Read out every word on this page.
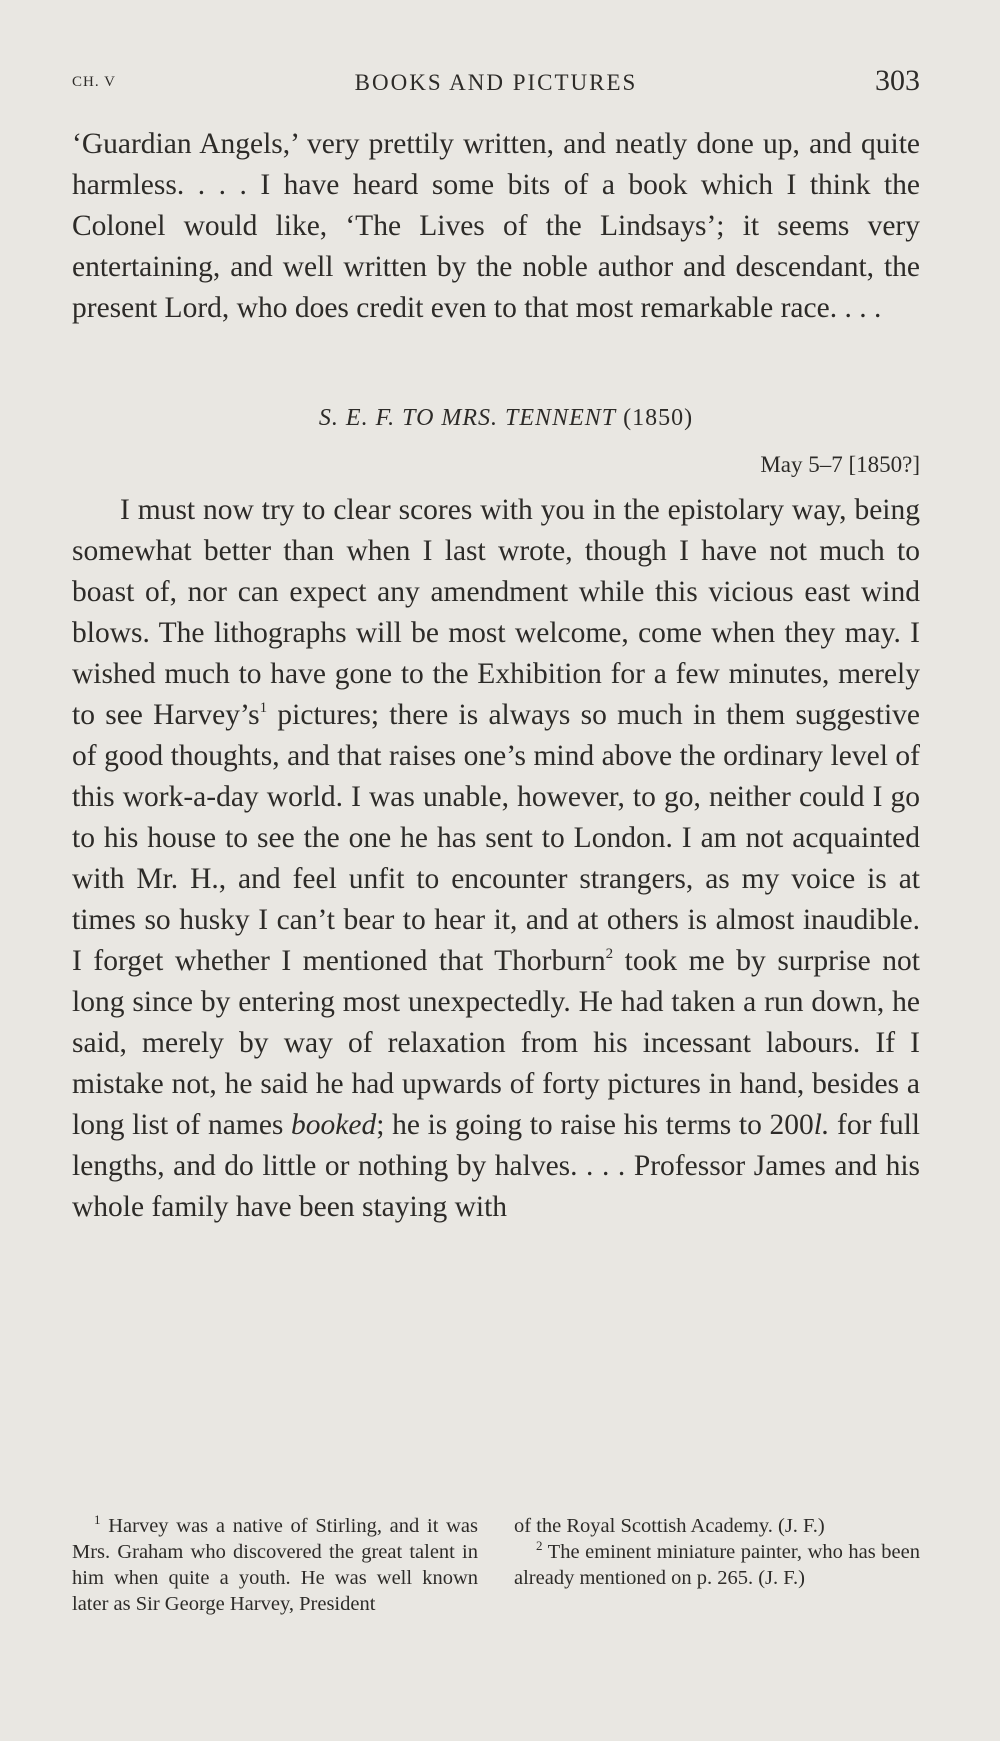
CH. V	BOOKS AND PICTURES	303

‘Guardian Angels,’ very prettily written, and neatly done up, and quite harmless. . . . I have heard some bits of a book which I think the Colonel would like, ‘The Lives of the Lindsays’; it seems very entertaining, and well written by the noble author and descendant, the present Lord, who does credit even to that most remarkable race. . . .

S. E. F. TO MRS. TENNENT (1850)
May 5–7 [1850?]

I must now try to clear scores with you in the epistolary way, being somewhat better than when I last wrote, though I have not much to boast of, nor can expect any amendment while this vicious east wind blows. The lithographs will be most welcome, come when they may. I wished much to have gone to the Exhibition for a few minutes, merely to see $Harvey’s^1$ pictures; there is always so much in them suggestive of good thoughts, and that raises one’s mind above the ordinary level of this work-a-day world. I was unable, however, to go, neither could I go to his house to see the one he has sent to London. I am not acquainted with Mr. H., and feel unfit to encounter strangers, as my voice is at times so husky I can’t bear to hear it, and at others is almost inaudible. I forget whether I mentioned that Thorburn$^2$ took me by surprise not long since by entering most unexpectedly. He had taken a run down, he said, merely by way of relaxation from his incessant labours. If I mistake not, he said he had upwards of forty pictures in hand, besides a long list of names booked; he is going to raise his terms to 200l. for full lengths, and do little or nothing by halves. . . . Professor James and his whole family have been staying with

$^1$ Harvey was a native of Stirling, and it was Mrs. Graham who discovered the great talent in him when quite a youth. He was well known later as Sir George Harvey, President

of the Royal Scottish Academy. (J. F.)

$^2$ The eminent miniature painter, who has been already mentioned on p. 265. (J. F.)
